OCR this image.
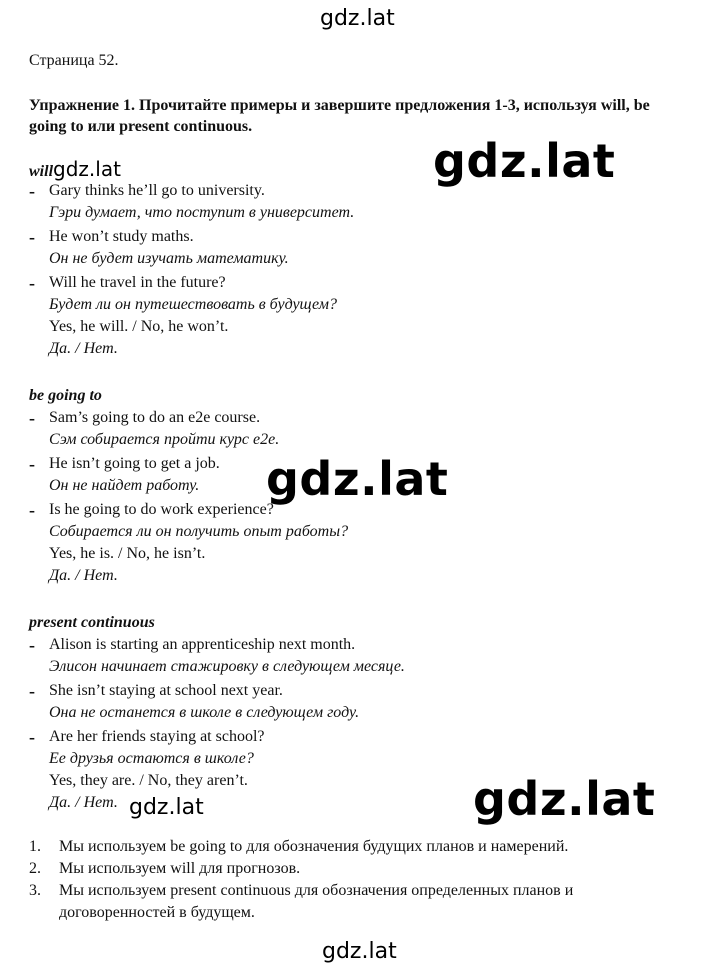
gdz.lat
Страница 52.
Упражнение 1. Прочитайте примеры и завершите предложения 1-3, используя will, be going to или present continuous.
willgdz.lat
- Gary thinks he’ll go to university.
Гэри думает, что поступит в университет.
- He won’t study maths.
Он не будет изучать математику.
- Will he travel in the future?
Будет ли он путешествовать в будущем?
Yes, he will. / No, he won’t.
Да. / Нет.
be going to
- Sam’s going to do an e2e course.
Сэм собирается пройти курс e2e.
- He isn’t going to get a job.
Он не найдет работу.
- Is he going to do work experience?
Собирается ли он получить опыт работы?
Yes, he is. / No, he isn’t.
Да. / Нет.
present continuous
- Alison is starting an apprenticeship next month.
Элисон начинает стажировку в следующем месяце.
- She isn’t staying at school next year.
Она не останется в школе в следующем году.
- Are her friends staying at school?
Ее друзья остаются в школе?
Yes, they are. / No, they aren’t.
Да. / Нет.
1. Мы используем be going to для обозначения будущих планов и намерений.
2. Мы используем will для прогнозов.
3. Мы используем present continuous для обозначения определенных планов и договоренностей в будущем.
gdz.lat
gdz.lat
gdz.lat
gdz.lat
gdz.lat
